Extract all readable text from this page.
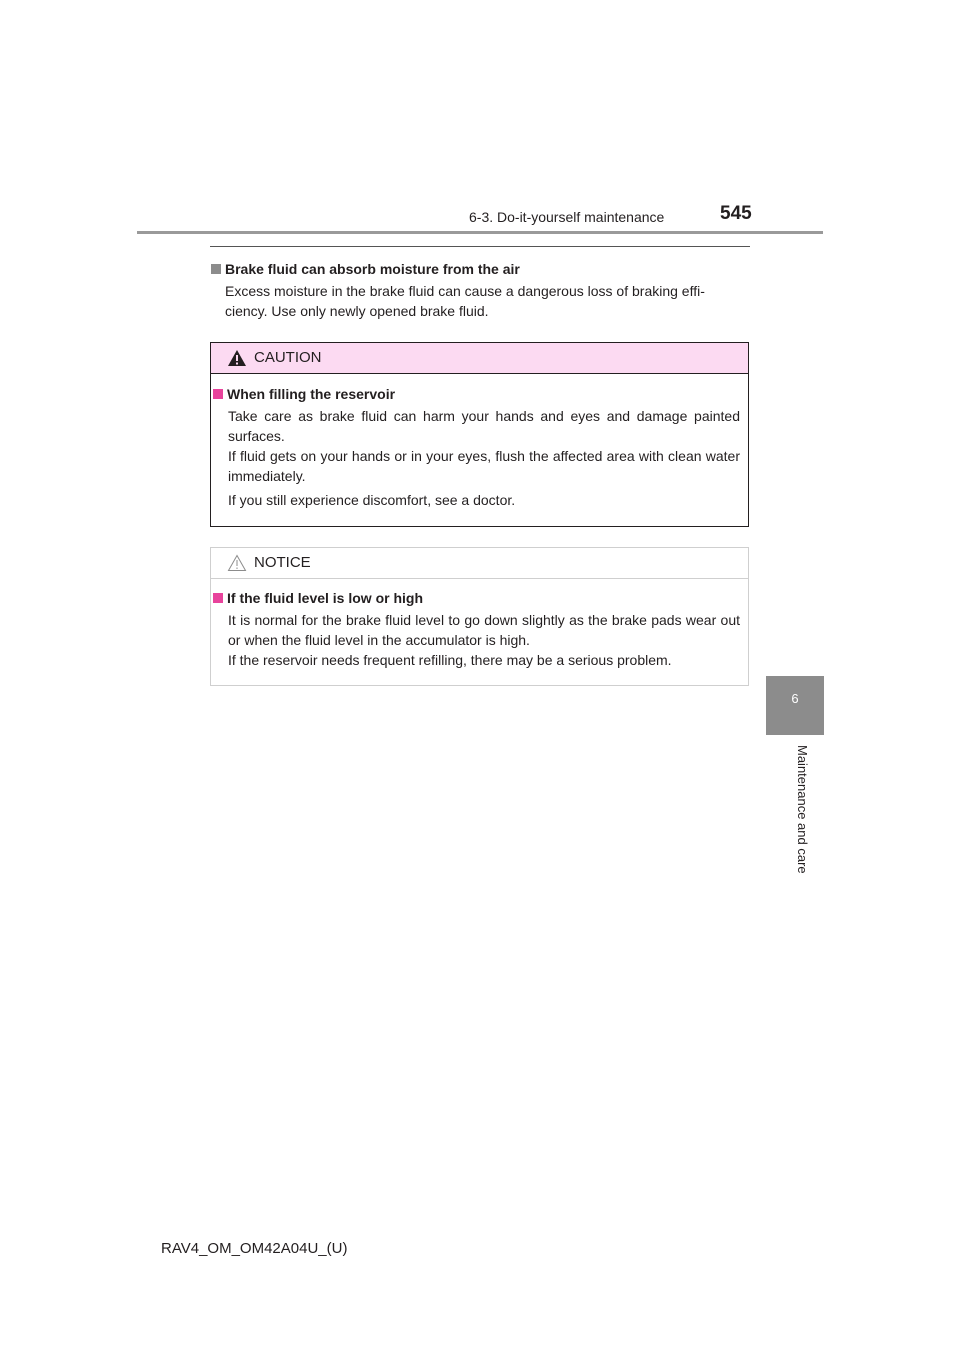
6-3. Do-it-yourself maintenance	545
Brake fluid can absorb moisture from the air
Excess moisture in the brake fluid can cause a dangerous loss of braking effi-
ciency. Use only newly opened brake fluid.
CAUTION
When filling the reservoir
Take care as brake fluid can harm your hands and eyes and damage painted surfaces.
If fluid gets on your hands or in your eyes, flush the affected area with clean water immediately.
If you still experience discomfort, see a doctor.
NOTICE
If the fluid level is low or high
It is normal for the brake fluid level to go down slightly as the brake pads wear out or when the fluid level in the accumulator is high.
If the reservoir needs frequent refilling, there may be a serious problem.
6
Maintenance and care
RAV4_OM_OM42A04U_(U)
